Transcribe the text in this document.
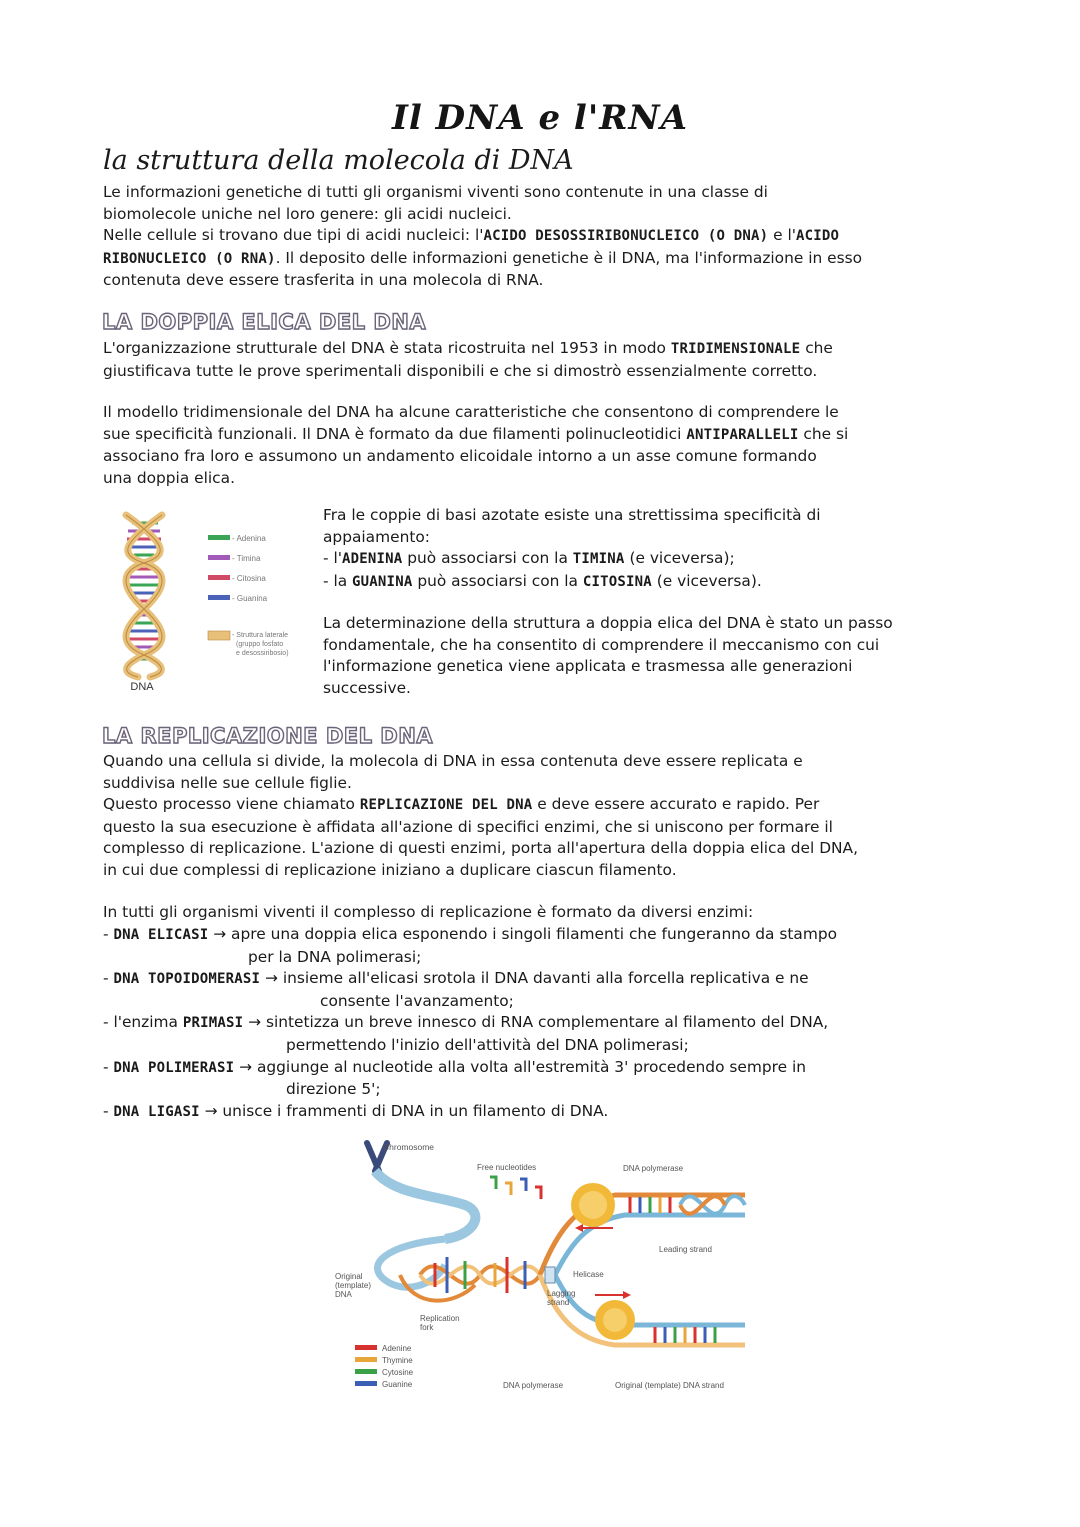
Il DNA e l'RNA
la struttura della molecola di DNA
Le informazioni genetiche di tutti gli organismi viventi sono contenute in una classe di
biomolecole uniche nel loro genere: gli acidi nucleici.
Nelle cellule si trovano due tipi di acidi nucleici: l'ACIDO DESOSSIRIBONUCLEICO (O DNA) e l'ACIDO
RIBONUCLEICO (O RNA). Il deposito delle informazioni genetiche è il DNA, ma l'informazione in esso
contenuta deve essere trasferita in una molecola di RNA.
LA DOPPIA ELICA DEL DNA
L'organizzazione strutturale del DNA è stata ricostruita nel 1953 in modo TRIDIMENSIONALE che
giustificava tutte le prove sperimentali disponibili e che si dimostrò essenzialmente corretto.
Il modello tridimensionale del DNA ha alcune caratteristiche che consentono di comprendere le
sue specificità funzionali. Il DNA è formato da due filamenti polinucleotidici ANTIPARALLELI che si
associano fra loro e assumono un andamento elicoidale intorno a un asse comune formando
una doppia elica.
- Adenina
- Timina
- Citosina
- Guanina
- Struttura laterale
(gruppo fosfato
e desossiribosio)
DNA
Fra le coppie di basi azotate esiste una strettissima specificità di
appaiamento:
- l'ADENINA può associarsi con la TIMINA (e viceversa);
- la GUANINA può associarsi con la CITOSINA (e viceversa).
La determinazione della struttura a doppia elica del DNA è stato un passo
fondamentale, che ha consentito di comprendere il meccanismo con cui
l'informazione genetica viene applicata e trasmessa alle generazioni
successive.
LA REPLICAZIONE DEL DNA
Quando una cellula si divide, la molecola di DNA in essa contenuta deve essere replicata e
suddivisa nelle sue cellule figlie.
Questo processo viene chiamato REPLICAZIONE DEL DNA e deve essere accurato e rapido. Per
questo la sua esecuzione è affidata all'azione di specifici enzimi, che si uniscono per formare il
complesso di replicazione. L'azione di questi enzimi, porta all'apertura della doppia elica del DNA,
in cui due complessi di replicazione iniziano a duplicare ciascun filamento.
In tutti gli organismi viventi il complesso di replicazione è formato da diversi enzimi:
- DNA ELICASI → apre una doppia elica esponendo i singoli filamenti che fungeranno da stampo
per la DNA polimerasi;
- DNA TOPOIDOMERASI → insieme all'elicasi srotola il DNA davanti alla forcella replicativa e ne
consente l'avanzamento;
- l'enzima PRIMASI → sintetizza un breve innesco di RNA complementare al filamento del DNA,
permettendo l'inizio dell'attività del DNA polimerasi;
- DNA POLIMERASI → aggiunge al nucleotide alla volta all'estremità 3' procedendo sempre in
direzione 5';
- DNA LIGASI → unisce i frammenti di DNA in un filamento di DNA.
Chromosome
DNA polymerase
Leading strand
Free nucleotides
Helicase
Lagging
strand
Original
(template)
DNA
Replication
fork
DNA polymerase	Original (template) DNA strand
Adenine
Thymine
Cytosine
Guanine
